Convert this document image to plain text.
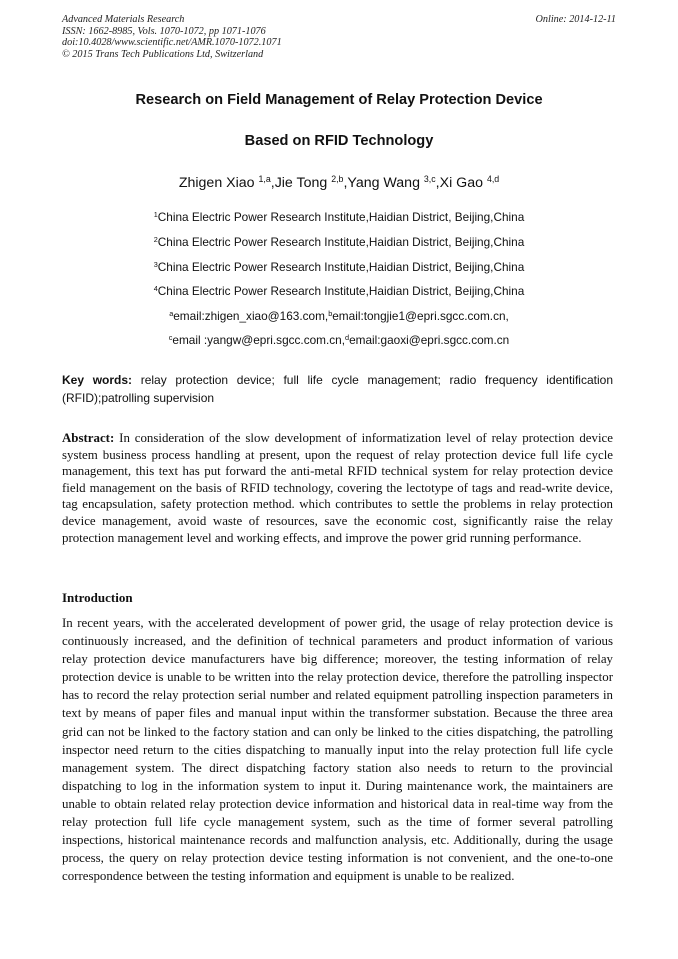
Advanced Materials Research
ISSN: 1662-8985, Vols. 1070-1072, pp 1071-1076
doi:10.4028/www.scientific.net/AMR.1070-1072.1071
© 2015 Trans Tech Publications Ltd, Switzerland
Online: 2014-12-11
Research on Field Management of Relay Protection Device
Based on RFID Technology
Zhigen Xiao $^{1,a}$,Jie Tong $^{2,b}$,Yang Wang $^{3,c}$,Xi Gao $^{4,d}$
$^1$China Electric Power Research Institute,Haidian District, Beijing,China
$^2$China Electric Power Research Institute,Haidian District, Beijing,China
$^3$China Electric Power Research Institute,Haidian District, Beijing,China
$^4$China Electric Power Research Institute,Haidian District, Beijing,China
$^a$email:zhigen_xiao@163.com,$^b$email:tongjie1@epri.sgcc.com.cn,
$^c$email :yangw@epri.sgcc.com.cn,$^d$email:gaoxi@epri.sgcc.com.cn
Key words: relay protection device; full life cycle management; radio frequency identification (RFID);patrolling supervision
Abstract: In consideration of the slow development of informatization level of relay protection device system business process handling at present, upon the request of relay protection device full life cycle management, this text has put forward the anti-metal RFID technical system for relay protection device field management on the basis of RFID technology, covering the lectotype of tags and read-write device, tag encapsulation, safety protection method. which contributes to settle the problems in relay protection device management, avoid waste of resources, save the economic cost, significantly raise the relay protection management level and working effects, and improve the power grid running performance.
Introduction
In recent years, with the accelerated development of power grid, the usage of relay protection device is continuously increased, and the definition of technical parameters and product information of various relay protection device manufacturers have big difference; moreover, the testing information of relay protection device is unable to be written into the relay protection device, therefore the patrolling inspector has to record the relay protection serial number and related equipment patrolling inspection parameters in text by means of paper files and manual input within the transformer substation. Because the three area grid can not be linked to the factory station and can only be linked to the cities dispatching, the patrolling inspector need return to the cities dispatching to manually input into the relay protection full life cycle management system. The direct dispatching factory station also needs to return to the provincial dispatching to log in the information system to input it. During maintenance work, the maintainers are unable to obtain related relay protection device information and historical data in real-time way from the relay protection full life cycle management system, such as the time of former several patrolling inspections, historical maintenance records and malfunction analysis, etc. Additionally, during the usage process, the query on relay protection device testing information is not convenient, and the one-to-one correspondence between the testing information and equipment is unable to be realized.
